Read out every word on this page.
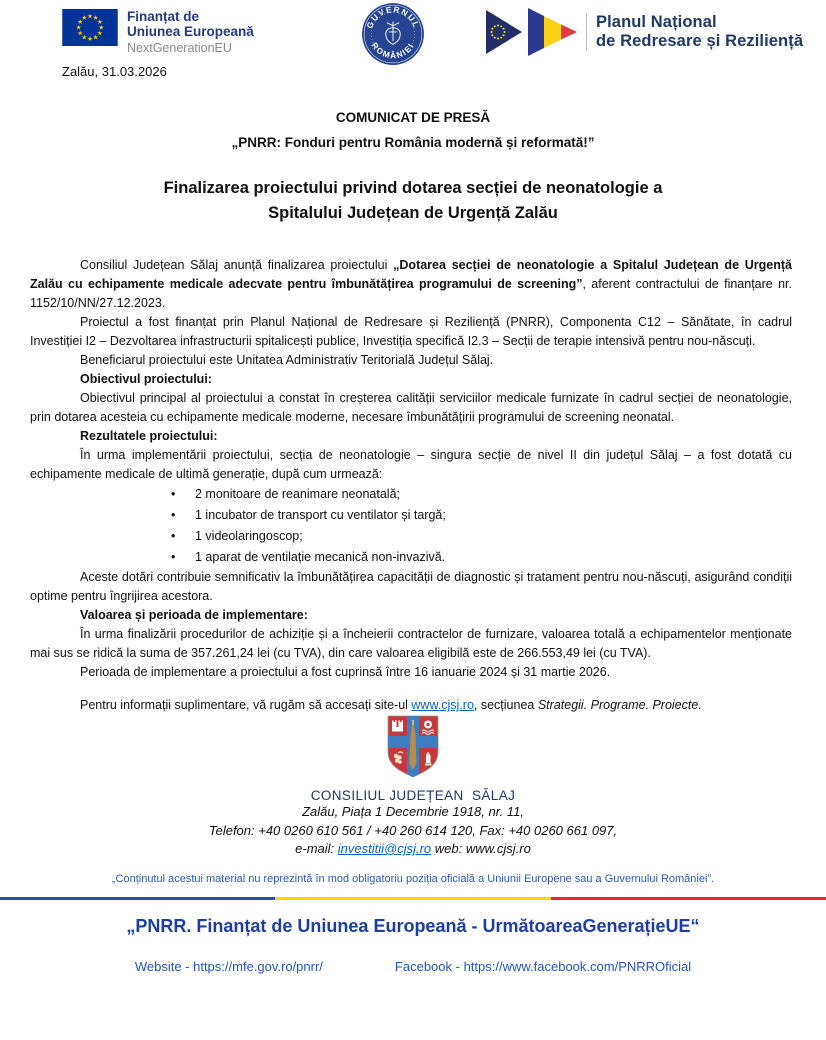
Finanțat de
Uniunea Europeană
NextGenerationEU
GUVERNUL
ROMÂNIEI
Planul Național
de Redresare și Reziliență
Zalău, 31.03.2026
COMUNICAT DE PRESĂ
„PNRR: Fonduri pentru România modernă și reformată!”
Finalizarea proiectului privind dotarea secției de neonatologie a
Spitalului Județean de Urgență Zalău

Consiliul Județean Sălaj anunță finalizarea proiectului „Dotarea secției de neonatologie a Spitalul Județean de Urgență Zalău cu echipamente medicale adecvate pentru îmbunătățirea programului de screening”, aferent contractului de finanțare nr. 1152/10/NN/27.12.2023.

Proiectul a fost finanțat prin Planul Național de Redresare și Reziliență (PNRR), Componenta C12 – Sănătate, în cadrul Investiției I2 – Dezvoltarea infrastructurii spitalicești publice, Investiția specifică I2.3 – Secții de terapie intensivă pentru nou-născuți.

Beneficiarul proiectului este Unitatea Administrativ Teritorială Județul Sălaj.

Obiectivul proiectului:

Obiectivul principal al proiectului a constat în creșterea calității serviciilor medicale furnizate în cadrul secției de neonatologie, prin dotarea acesteia cu echipamente medicale moderne, necesare îmbunătățirii programului de screening neonatal.

Rezultatele proiectului:

În urma implementării proiectului, secția de neonatologie – singura secție de nivel II din județul Sălaj – a fost dotată cu echipamente medicale de ultimă generație, după cum urmează:

• 2 monitoare de reanimare neonatală;
• 1 incubator de transport cu ventilator și targă;
• 1 videolaringoscop;
• 1 aparat de ventilație mecanică non-invazivă.

Aceste dotări contribuie semnificativ la îmbunătățirea capacității de diagnostic și tratament pentru nou-născuți, asigurând condiții optime pentru îngrijirea acestora.

Valoarea și perioada de implementare:

În urma finalizării procedurilor de achiziție și a încheierii contractelor de furnizare, valoarea totală a echipamentelor menționate mai sus se ridică la suma de 357.261,24 lei (cu TVA), din care valoarea eligibilă este de 266.553,49 lei (cu TVA).

Perioada de implementare a proiectului a fost cuprinsă între 16 ianuarie 2024 și 31 martie 2026.

Pentru informații suplimentare, vă rugăm să accesați site-ul www.cjsj.ro, secțiunea Strategii. Programe. Proiecte.

CONSILIUL JUDEȚEAN  SĂLAJ
Zalău, Piața 1 Decembrie 1918, nr. 11,
Telefon: +40 0260 610 561 / +40 260 614 120, Fax: +40 0260 661 097,
e-mail: investitii@cjsj.ro web: www.cjsj.ro
„Conținutul acestui material nu reprezintă în mod obligatoriu poziția oficială a Uniunii Europene sau a Guvernului României”.
„PNRR. Finanțat de Uniunea Europeană - UrmătoareaGenerațieUE“
Website - https://mfe.gov.ro/pnrr/	Facebook - https://www.facebook.com/PNRROficial
